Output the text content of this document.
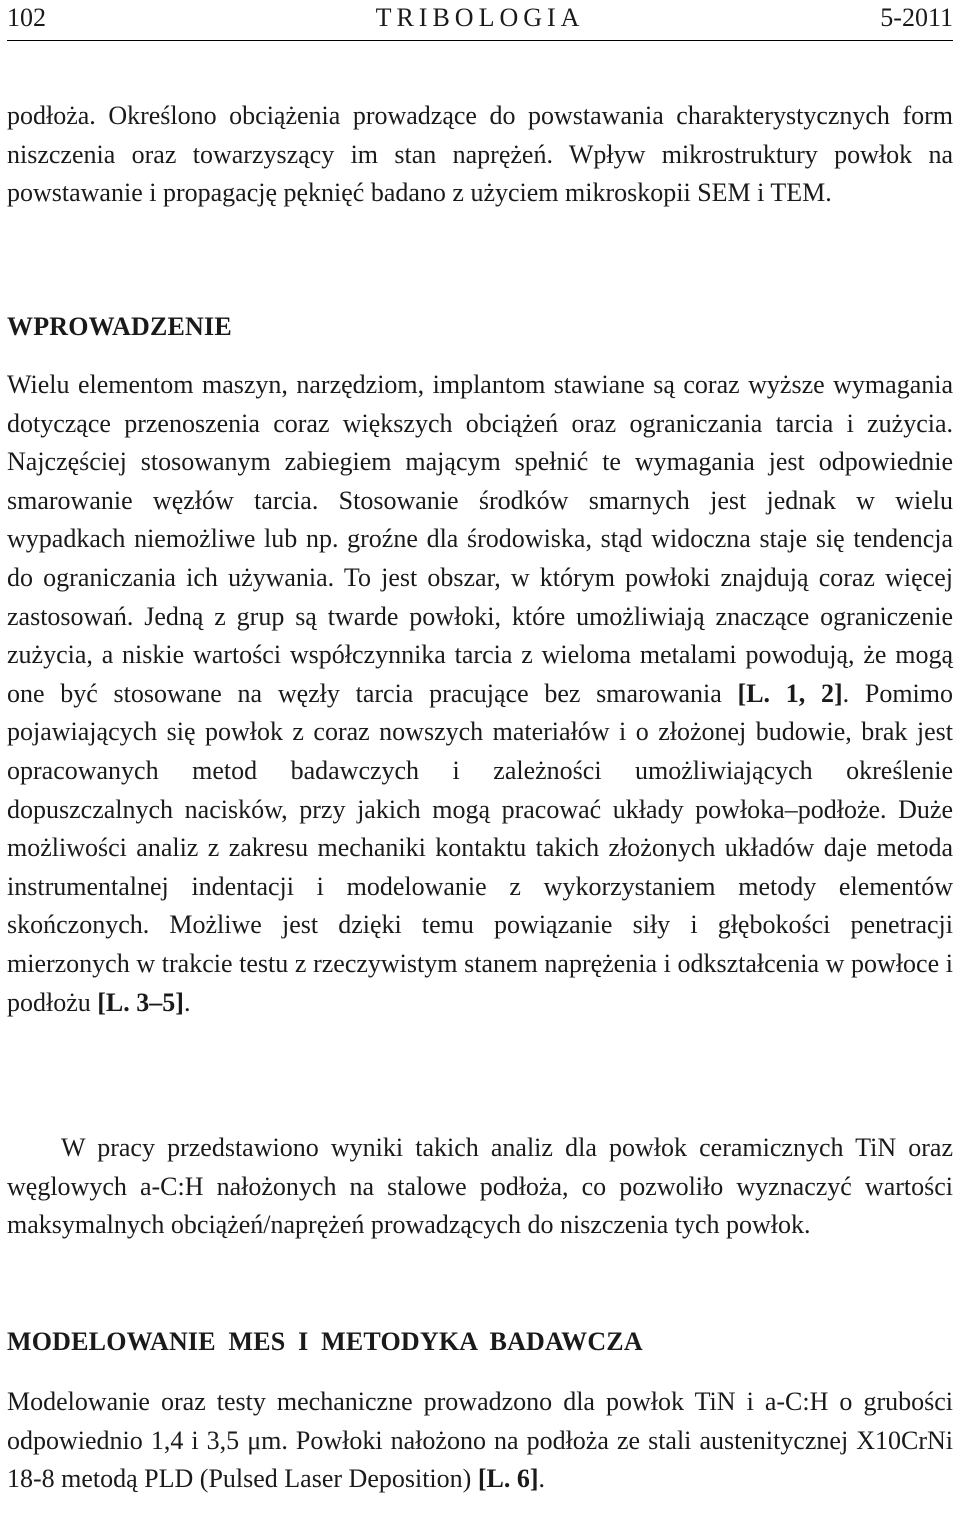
102	TRIBOLOGIA	5-2011

podłoża. Określono obciążenia prowadzące do powstawania charakterystycznych form niszczenia oraz towarzyszący im stan naprężeń. Wpływ mikrostruktury powłok na powstawanie i propagację pęknięć badano z użyciem mikroskopii SEM i TEM.

WPROWADZENIE

Wielu elementom maszyn, narzędziom, implantom stawiane są coraz wyższe wymagania dotyczące przenoszenia coraz większych obciążeń oraz ograniczania tarcia i zużycia. Najczęściej stosowanym zabiegiem mającym spełnić te wymagania jest odpowiednie smarowanie węzłów tarcia. Stosowanie środków smarnych jest jednak w wielu wypadkach niemożliwe lub np. groźne dla środowiska, stąd widoczna staje się tendencja do ograniczania ich używania. To jest obszar, w którym powłoki znajdują coraz więcej zastosowań. Jedną z grup są twarde powłoki, które umożliwiają znaczące ograniczenie zużycia, a niskie wartości współczynnika tarcia z wieloma metalami powodują, że mogą one być stosowane na węzły tarcia pracujące bez smarowania [L. 1, 2]. Pomimo pojawiających się powłok z coraz nowszych materiałów i o złożonej budowie, brak jest opracowanych metod badawczych i zależności umożliwiających określenie dopuszczalnych nacisków, przy jakich mogą pracować układy powłoka–podłoże. Duże możliwości analiz z zakresu mechaniki kontaktu takich złożonych układów daje metoda instrumentalnej indentacji i modelowanie z wykorzystaniem metody elementów skończonych. Możliwe jest dzięki temu powiązanie siły i głębokości penetracji mierzonych w trakcie testu z rzeczywistym stanem naprężenia i odkształcenia w powłoce i podłożu [L. 3–5].

W pracy przedstawiono wyniki takich analiz dla powłok ceramicznych TiN oraz węglowych a-C:H nałożonych na stalowe podłoża, co pozwoliło wyznaczyć wartości maksymalnych obciążeń/naprężeń prowadzących do niszczenia tych powłok.

MODELOWANIE MES I METODYKA BADAWCZA

Modelowanie oraz testy mechaniczne prowadzono dla powłok TiN i a-C:H o grubości odpowiednio 1,4 i 3,5 μm. Powłoki nałożono na podłoża ze stali austenitycznej X10CrNi 18-8 metodą PLD (Pulsed Laser Deposition) [L. 6].
